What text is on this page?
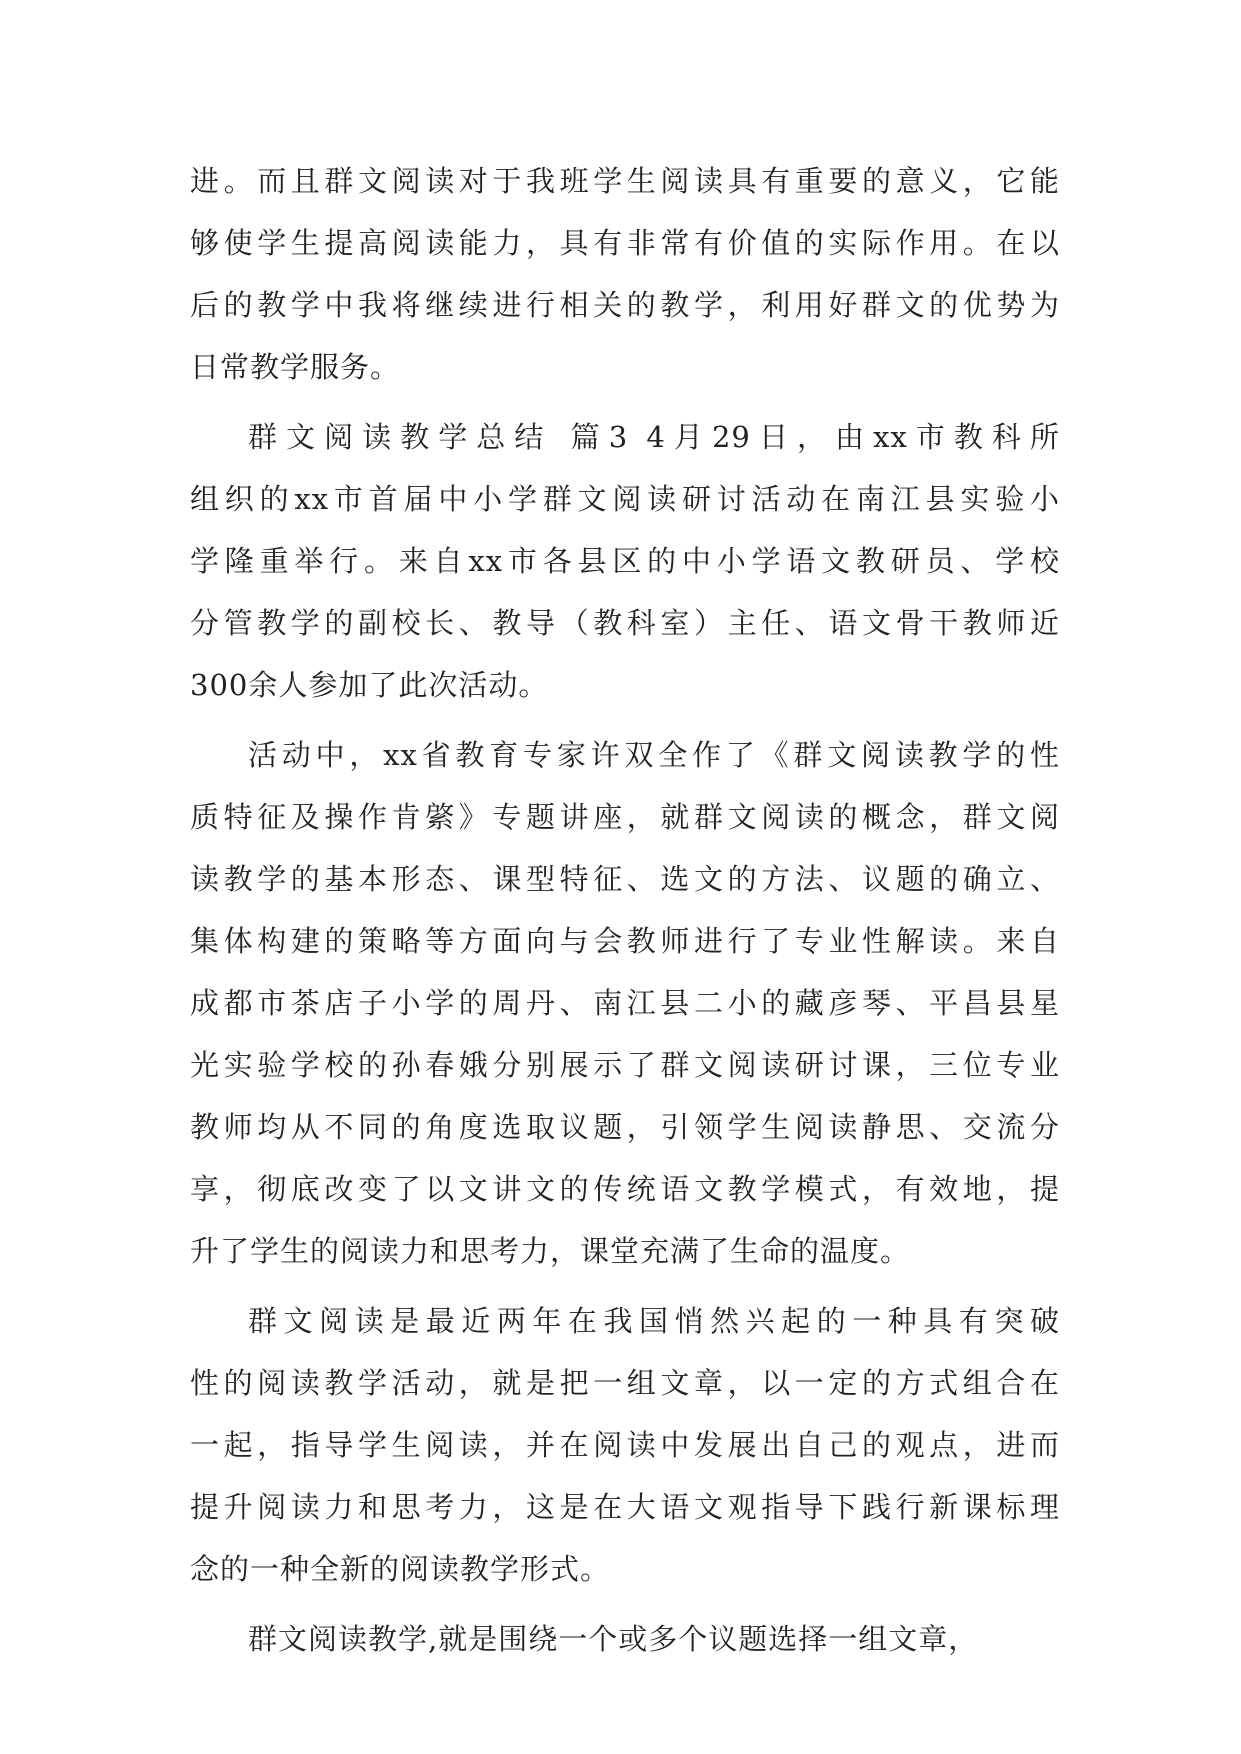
进。而且群文阅读对于我班学生阅读具有重要的意义，它能
够使学生提高阅读能力，具有非常有价值的实际作用。在以
后的教学中我将继续进行相关的教学，利用好群文的优势为
日常教学服务。
群文阅读教学总结 篇3 4月29日，由xx市教科所
组织的xx市首届中小学群文阅读研讨活动在南江县实验小
学隆重举行。来自xx市各县区的中小学语文教研员、学校
分管教学的副校长、教导（教科室）主任、语文骨干教师近
300余人参加了此次活动。
活动中，xx省教育专家许双全作了《群文阅读教学的性
质特征及操作肯綮》专题讲座，就群文阅读的概念，群文阅
读教学的基本形态、课型特征、选文的方法、议题的确立、
集体构建的策略等方面向与会教师进行了专业性解读。来自
成都市茶店子小学的周丹、南江县二小的藏彦琴、平昌县星
光实验学校的孙春娥分别展示了群文阅读研讨课，三位专业
教师均从不同的角度选取议题，引领学生阅读静思、交流分
享，彻底改变了以文讲文的传统语文教学模式，有效地，提
升了学生的阅读力和思考力，课堂充满了生命的温度。
群文阅读是最近两年在我国悄然兴起的一种具有突破
性的阅读教学活动，就是把一组文章，以一定的方式组合在
一起，指导学生阅读，并在阅读中发展出自己的观点，进而
提升阅读力和思考力，这是在大语文观指导下践行新课标理
念的一种全新的阅读教学形式。
群文阅读教学,就是围绕一个或多个议题选择一组文章，
